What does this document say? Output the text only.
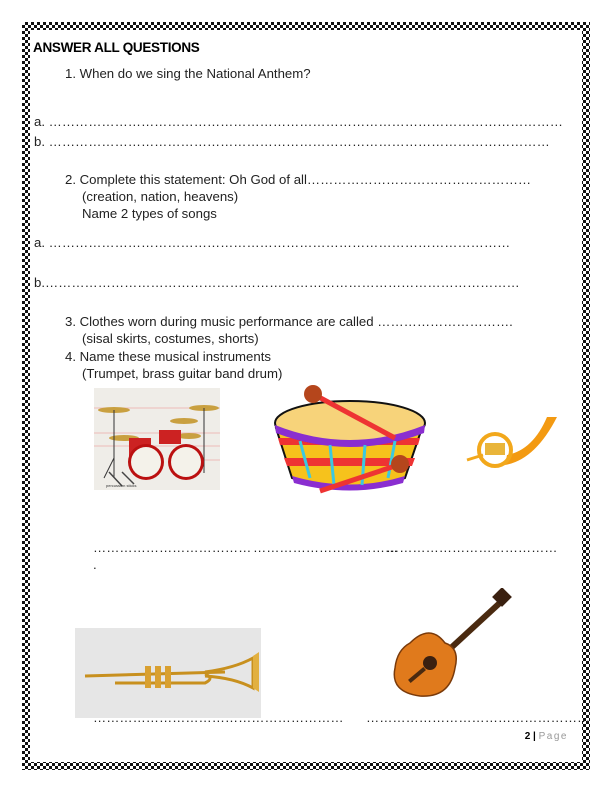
ANSWER ALL QUESTIONS
1. When do we sing the National Anthem?
a. ………………………………………………………………………………………………………
b. ……………………………………………………………………………………………………
2. Complete this statement: Oh God of all……………………………………………
(creation, nation, heavens)
Name 2 types of songs
a. ……………………………………………………………………………………………
b.………………………………………………………………………………………………
3. Clothes worn during music performance are called ………………………….
(sisal skirts, costumes, shorts)
4. Name these musical instruments
(Trumpet, brass guitar band drum)
percussion sticks
……………………………… ……………………………
…………………………………
.
………………………………………………… ……………………………………………
2 | Page
